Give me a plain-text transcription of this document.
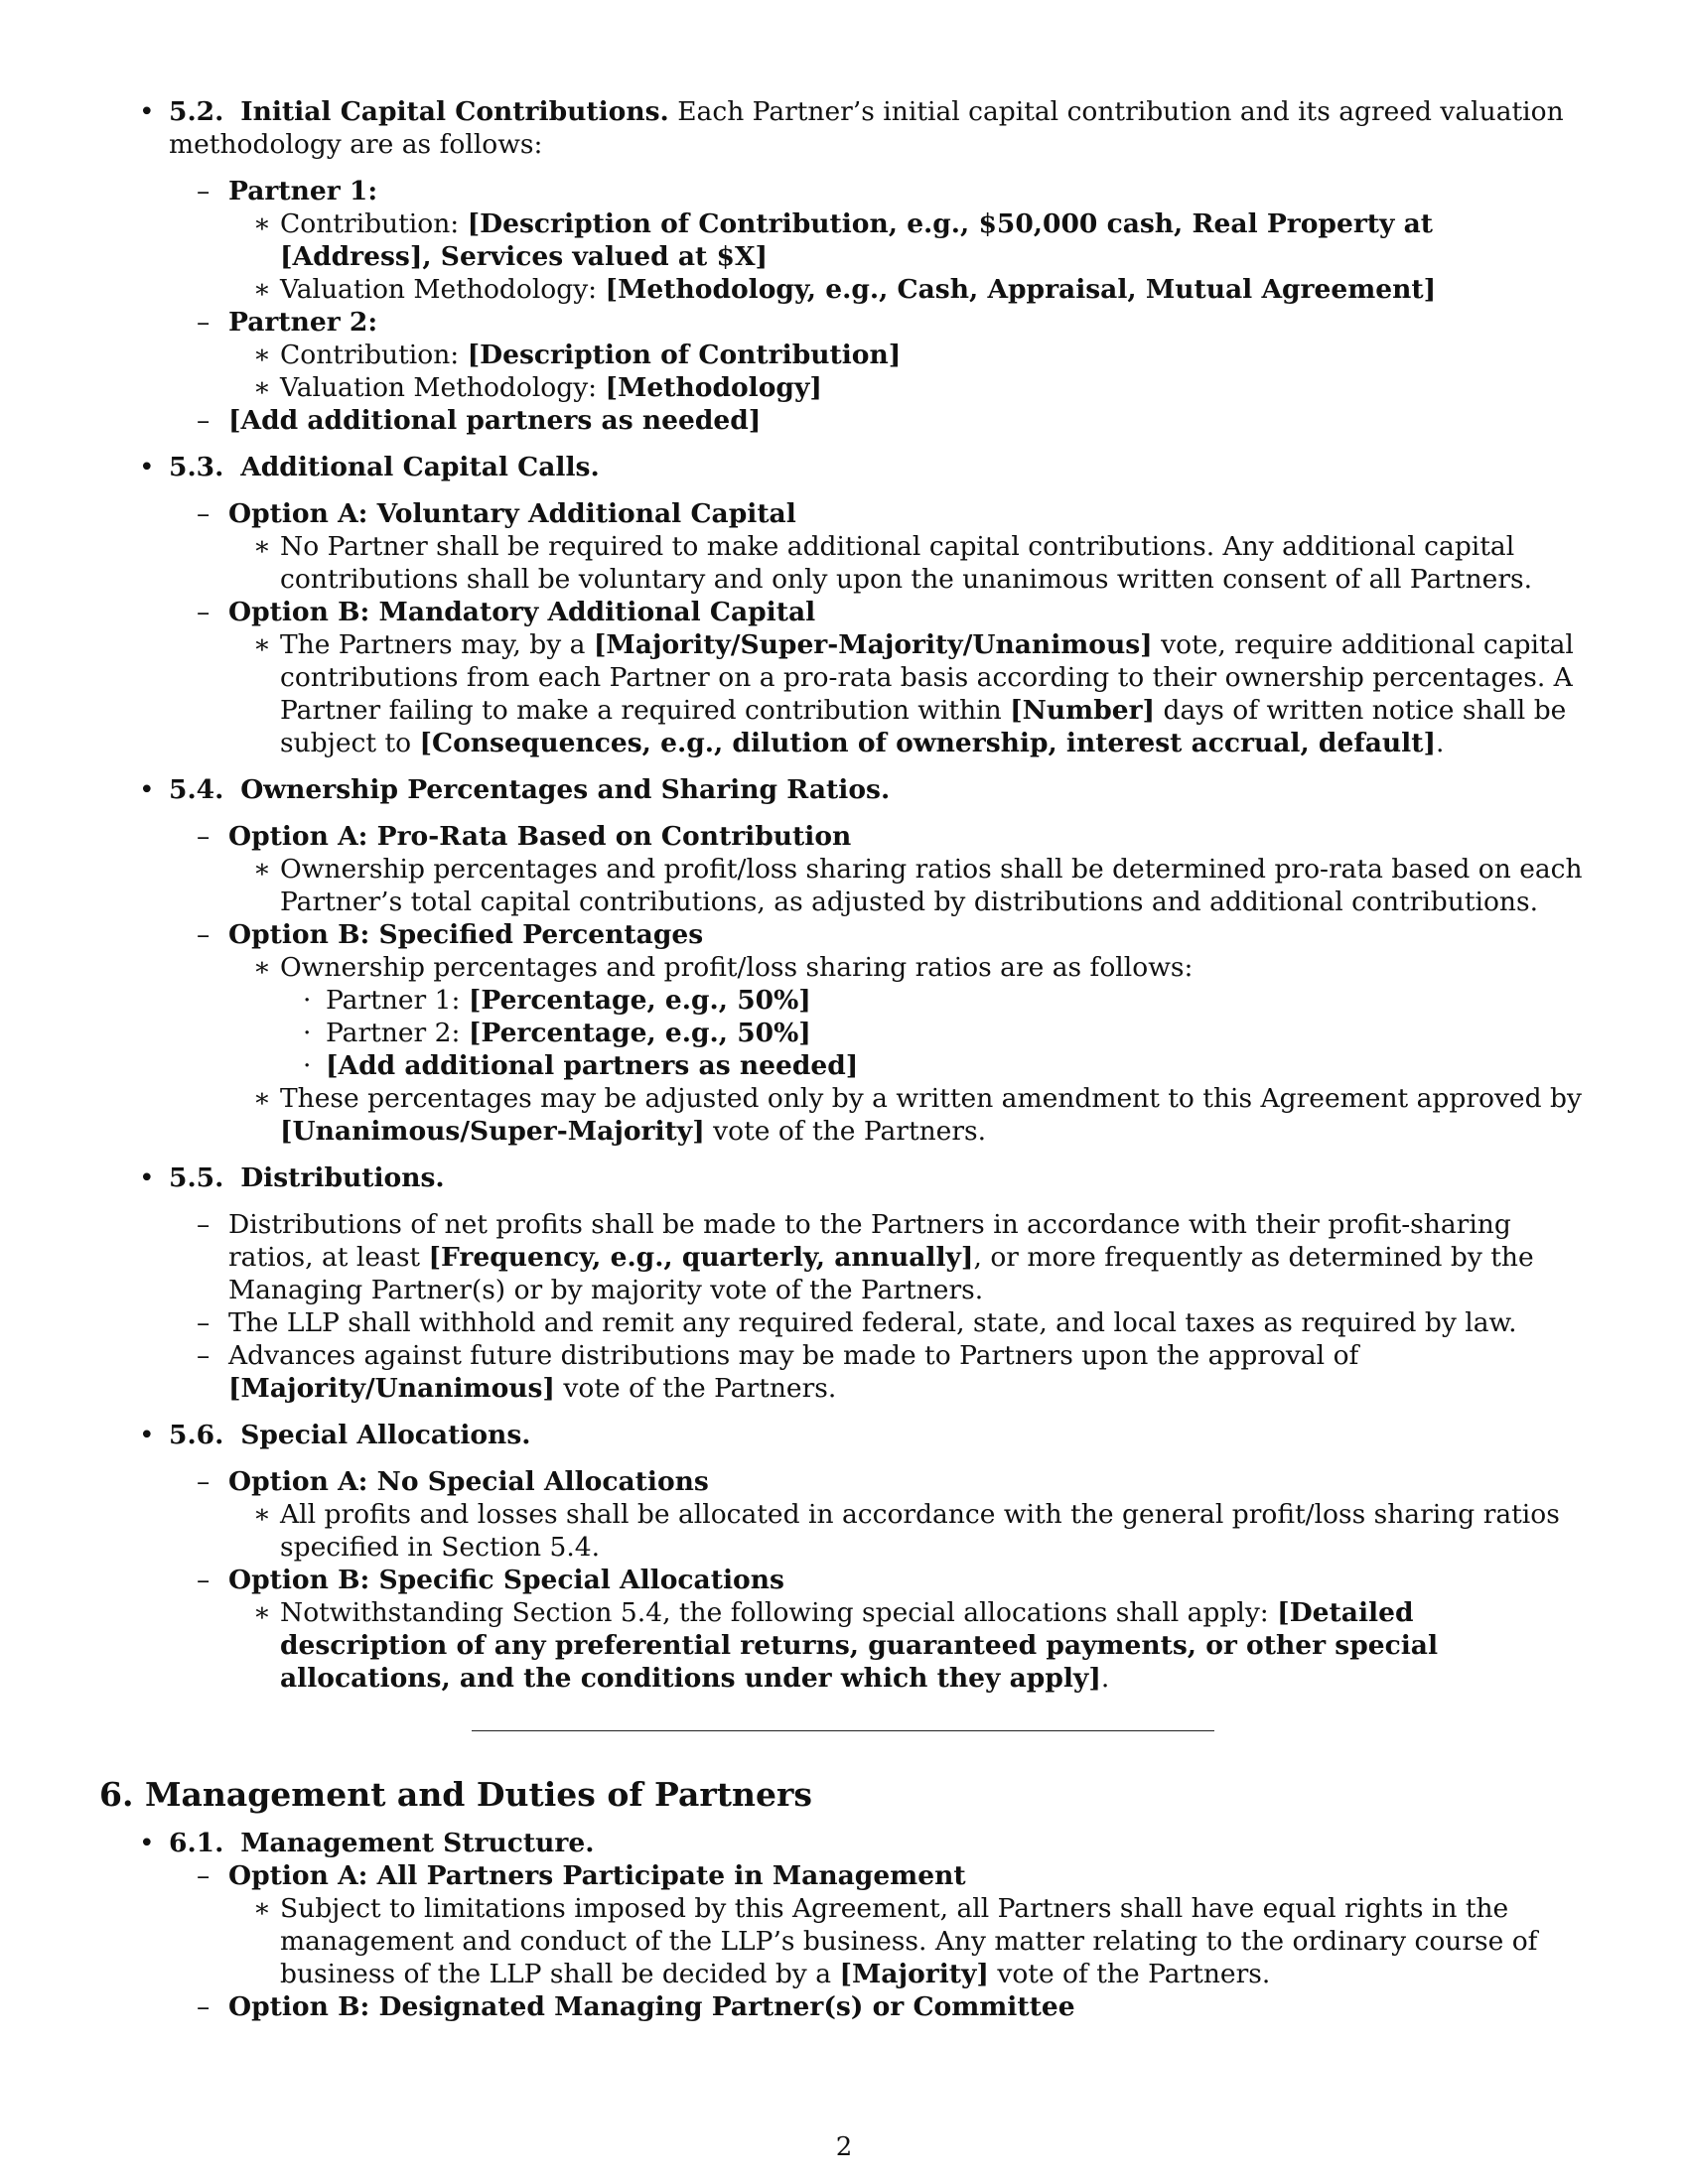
• 5.2. Initial Capital Contributions. Each Partner’s initial capital contribution and its agreed valuation methodology are as follows:
– Partner 1:
∗ Contribution: [Description of Contribution, e.g., $50,000 cash, Real Property at [Address], Services valued at $X]
∗ Valuation Methodology: [Methodology, e.g., Cash, Appraisal, Mutual Agreement]
– Partner 2:
∗ Contribution: [Description of Contribution]
∗ Valuation Methodology: [Methodology]
– [Add additional partners as needed]
• 5.3. Additional Capital Calls.
– Option A: Voluntary Additional Capital
∗ No Partner shall be required to make additional capital contributions. Any additional capital contributions shall be voluntary and only upon the unanimous written consent of all Partners.
– Option B: Mandatory Additional Capital
∗ The Partners may, by a [Majority/Super-Majority/Unanimous] vote, require additional capital contributions from each Partner on a pro-rata basis according to their ownership percentages. A Partner failing to make a required contribution within [Number] days of written notice shall be subject to [Consequences, e.g., dilution of ownership, interest accrual, default].
• 5.4. Ownership Percentages and Sharing Ratios.
– Option A: Pro-Rata Based on Contribution
∗ Ownership percentages and profit/loss sharing ratios shall be determined pro-rata based on each Partner’s total capital contributions, as adjusted by distributions and additional contributions.
– Option B: Specified Percentages
∗ Ownership percentages and profit/loss sharing ratios are as follows:
· Partner 1: [Percentage, e.g., 50%]
· Partner 2: [Percentage, e.g., 50%]
· [Add additional partners as needed]
∗ These percentages may be adjusted only by a written amendment to this Agreement approved by [Unanimous/Super-Majority] vote of the Partners.
• 5.5. Distributions.
– Distributions of net profits shall be made to the Partners in accordance with their profit-sharing ratios, at least [Frequency, e.g., quarterly, annually], or more frequently as determined by the Managing Partner(s) or by majority vote of the Partners.
– The LLP shall withhold and remit any required federal, state, and local taxes as required by law.
– Advances against future distributions may be made to Partners upon the approval of [Majority/Unanimous] vote of the Partners.
• 5.6. Special Allocations.
– Option A: No Special Allocations
∗ All profits and losses shall be allocated in accordance with the general profit/loss sharing ratios specified in Section 5.4.
– Option B: Specific Special Allocations
∗ Notwithstanding Section 5.4, the following special allocations shall apply: [Detailed description of any preferential returns, guaranteed payments, or other special allocations, and the conditions under which they apply].
6. Management and Duties of Partners
• 6.1. Management Structure.
– Option A: All Partners Participate in Management
∗ Subject to limitations imposed by this Agreement, all Partners shall have equal rights in the management and conduct of the LLP’s business. Any matter relating to the ordinary course of business of the LLP shall be decided by a [Majority] vote of the Partners.
– Option B: Designated Managing Partner(s) or Committee
2
